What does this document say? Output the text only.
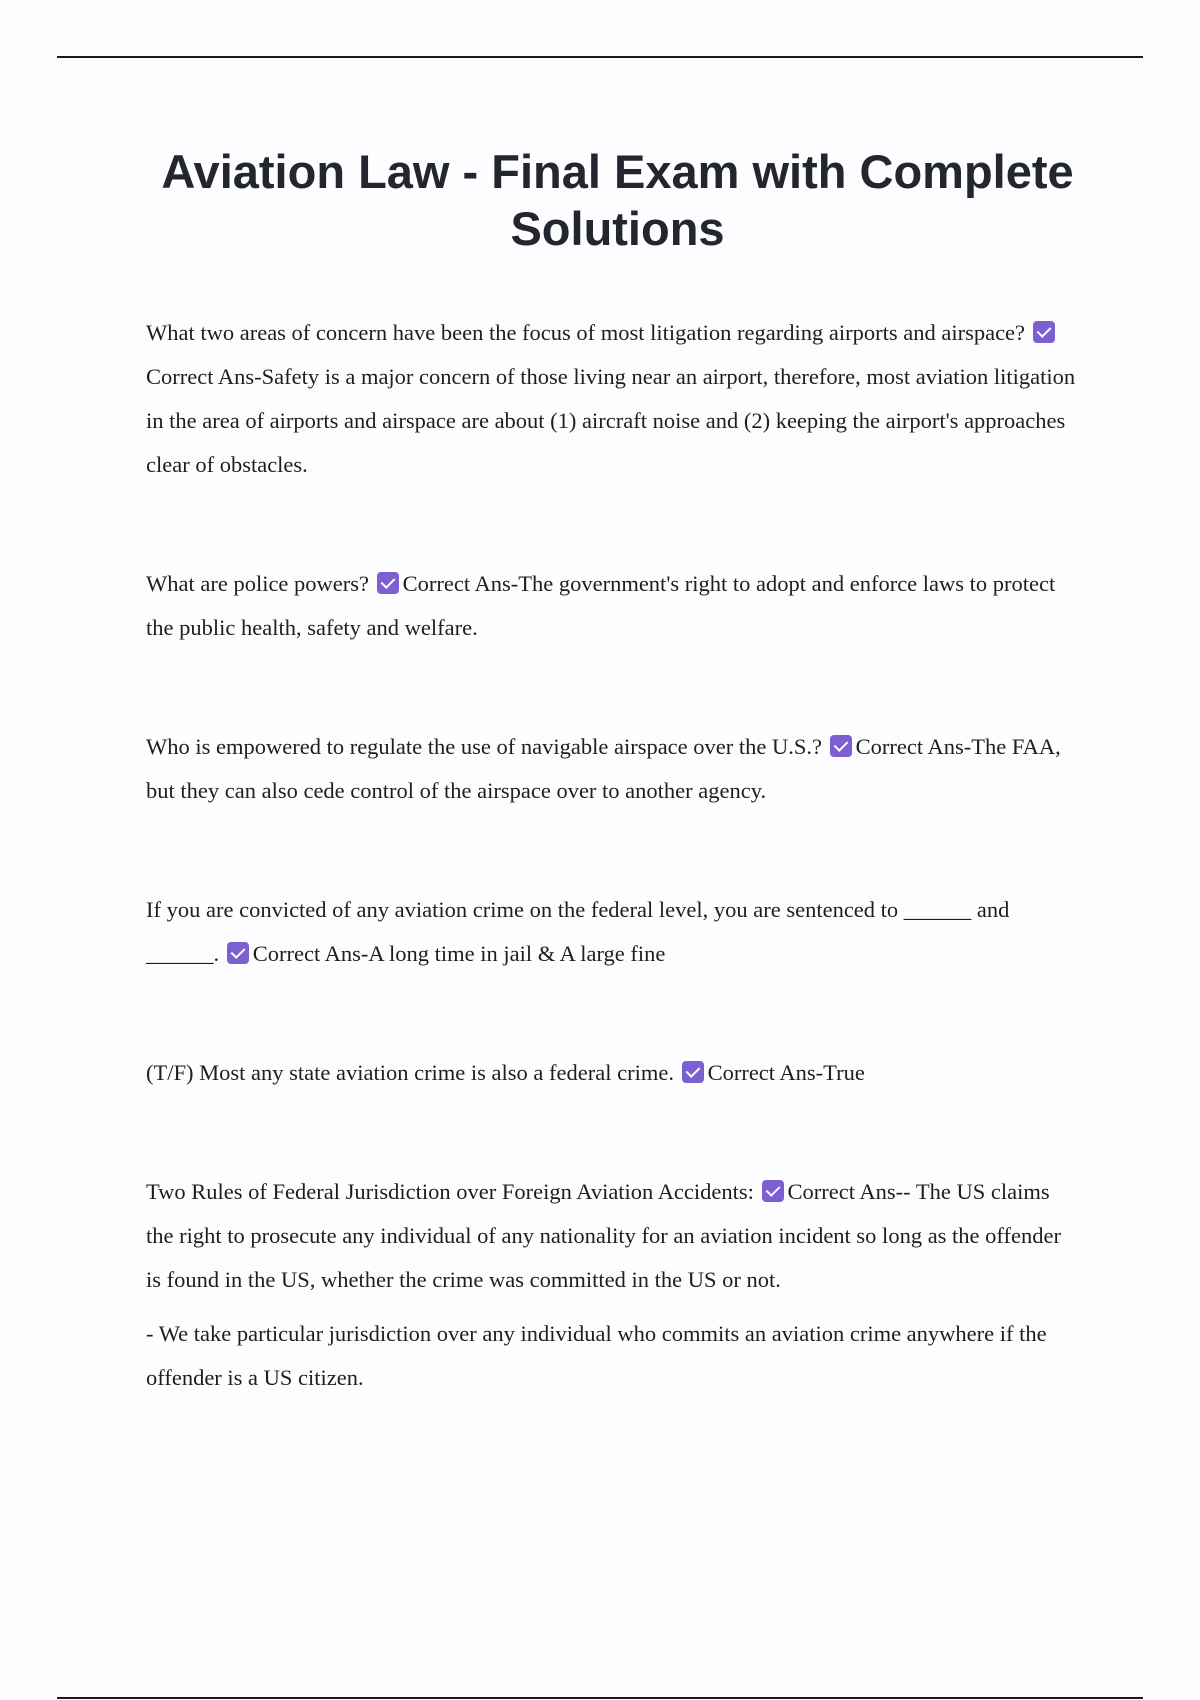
Aviation Law - Final Exam with Complete Solutions

What two areas of concern have been the focus of most litigation regarding airports and airspace? Correct Ans-Safety is a major concern of those living near an airport, therefore, most aviation litigation in the area of airports and airspace are about (1) aircraft noise and (2) keeping the airport's approaches clear of obstacles.

What are police powers? Correct Ans-The government's right to adopt and enforce laws to protect the public health, safety and welfare.

Who is empowered to regulate the use of navigable airspace over the U.S.? Correct Ans-The FAA, but they can also cede control of the airspace over to another agency.

If you are convicted of any aviation crime on the federal level, you are sentenced to ______ and ______. Correct Ans-A long time in jail & A large fine

(T/F) Most any state aviation crime is also a federal crime. Correct Ans-True

Two Rules of Federal Jurisdiction over Foreign Aviation Accidents: Correct Ans-- The US claims the right to prosecute any individual of any nationality for an aviation incident so long as the offender is found in the US, whether the crime was committed in the US or not.

- We take particular jurisdiction over any individual who commits an aviation crime anywhere if the offender is a US citizen.
